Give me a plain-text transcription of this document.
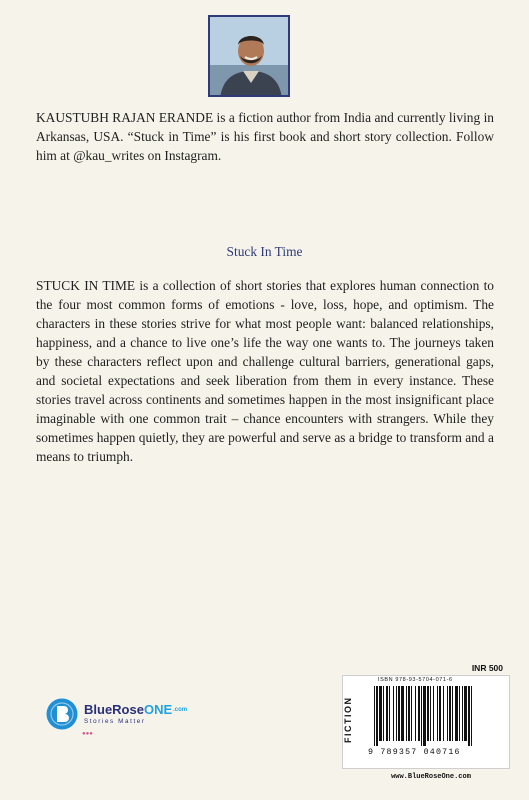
KAUSTUBH RAJAN ERANDE is a fiction author from India and currently living in Arkansas, USA. “Stuck in Time” is his first book and short story collection. Follow him at @kau_writes on Instagram.

Stuck In Time

STUCK IN TIME is a collection of short stories that explores human connection to the four most common forms of emotions - love, loss, hope, and optimism. The characters in these stories strive for what most people want: balanced relationships, happiness, and a chance to live one’s life the way one wants to. The journeys taken by these characters reflect upon and challenge cultural barriers, generational gaps, and societal expectations and seek liberation from them in every instance. These stories travel across continents and sometimes happen in the most insignificant place imaginable with one common trait – chance encounters with strangers. While they sometimes happen quietly, they are powerful and serve as a bridge to transform and a means to triumph.

BlueRoseONE$^{.com}$
Stories Matter
●●●
INR 500
FICTION
ISBN 978-93-5704-071-6
9 789357 040716
www.BlueRoseOne.com
